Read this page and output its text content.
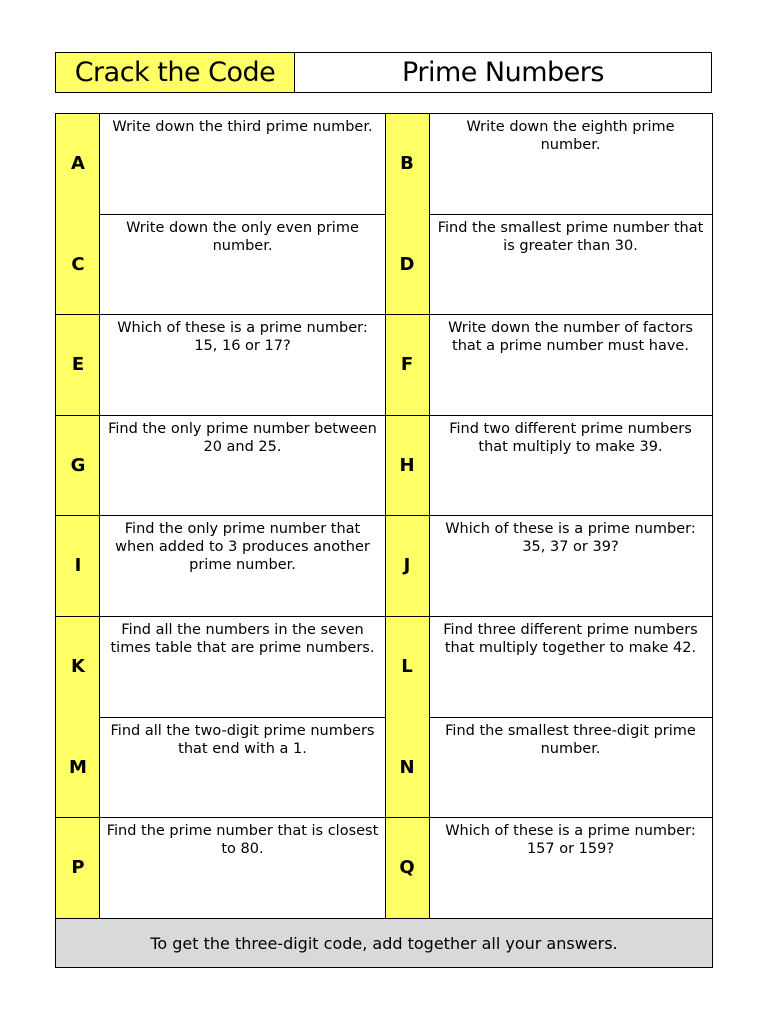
Crack the Code	Prime Numbers
A
Write down the third prime number.
B
Write down the eighth prime number.
C
Write down the only even prime number.
D
Find the smallest prime number that is greater than 30.
E
Which of these is a prime number: 15, 16 or 17?
F
Write down the number of factors that a prime number must have.
G
Find the only prime number between 20 and 25.
H
Find two different prime numbers that multiply to make 39.
I
Find the only prime number that when added to 3 produces another prime number.	J
Which of these is a prime number: 35, 37 or 39?
K
Find all the numbers in the seven times table that are prime numbers.
L
Find three different prime numbers that multiply together to make 42.
M
Find all the two-digit prime numbers that end with a 1.
N
Find the smallest three-digit prime number.
P
Find the prime number that is closest to 80.
Q
Which of these is a prime number: 157 or 159?
To get the three-digit code, add together all your answers.
